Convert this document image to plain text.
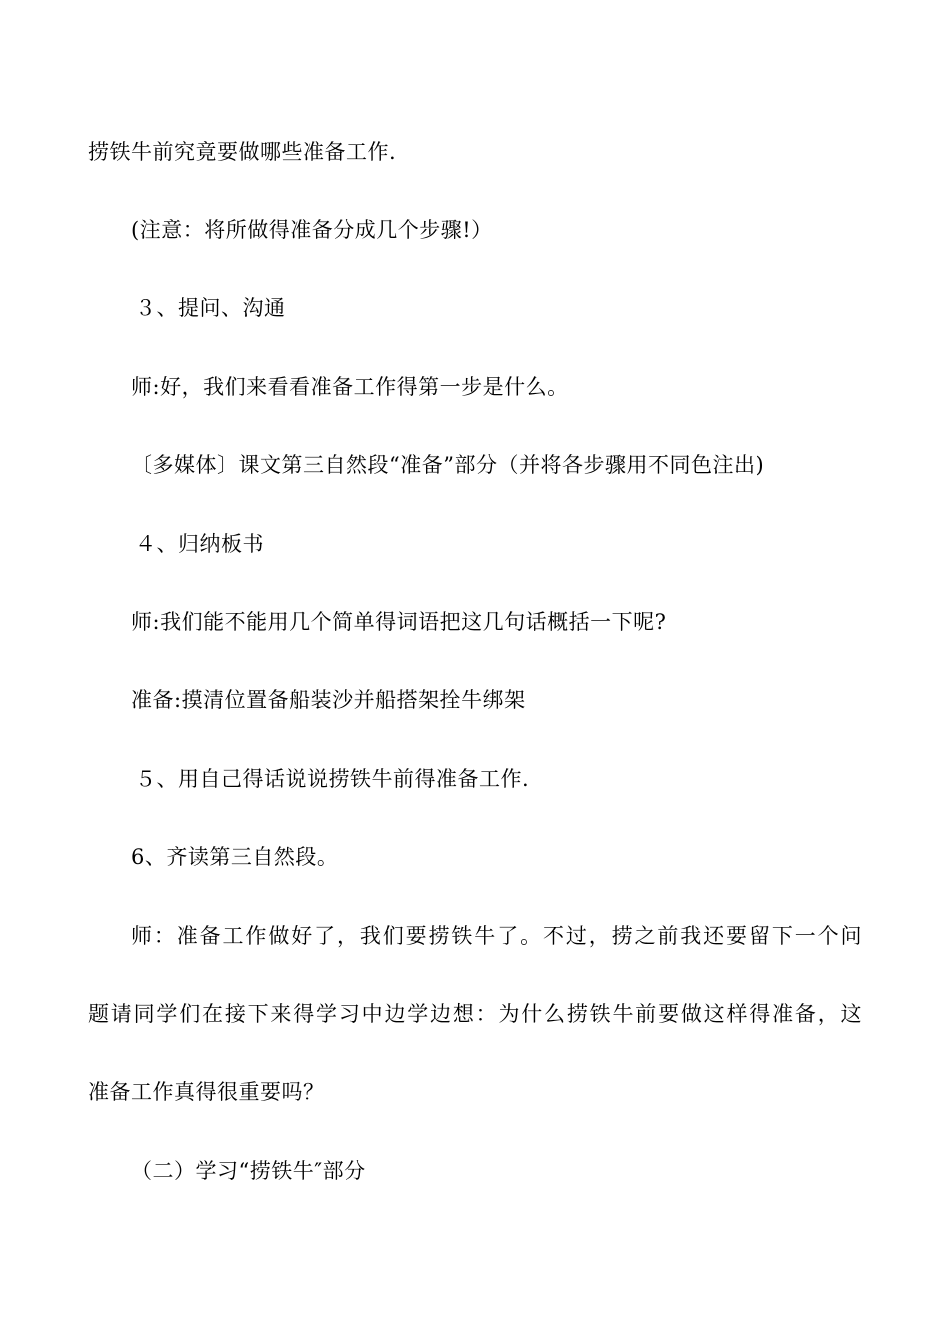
捞铁牛前究竟要做哪些准备工作.
(注意：将所做得准备分成几个步骤!）
３、提问、沟通
师:好，我们来看看准备工作得第一步是什么。
〔多媒体〕课文第三自然段“准备”部分（并将各步骤用不同色注出)
４、归纳板书
师:我们能不能用几个简单得词语把这几句话概括一下呢?
准备:摸清位置备船装沙并船搭架拴牛绑架
５、用自己得话说说捞铁牛前得准备工作.
6、齐读第三自然段。
师：准备工作做好了，我们要捞铁牛了。不过，捞之前我还要留下一个问
题请同学们在接下来得学习中边学边想：为什么捞铁牛前要做这样得准备，这
准备工作真得很重要吗？
（二）学习“捞铁牛″部分
